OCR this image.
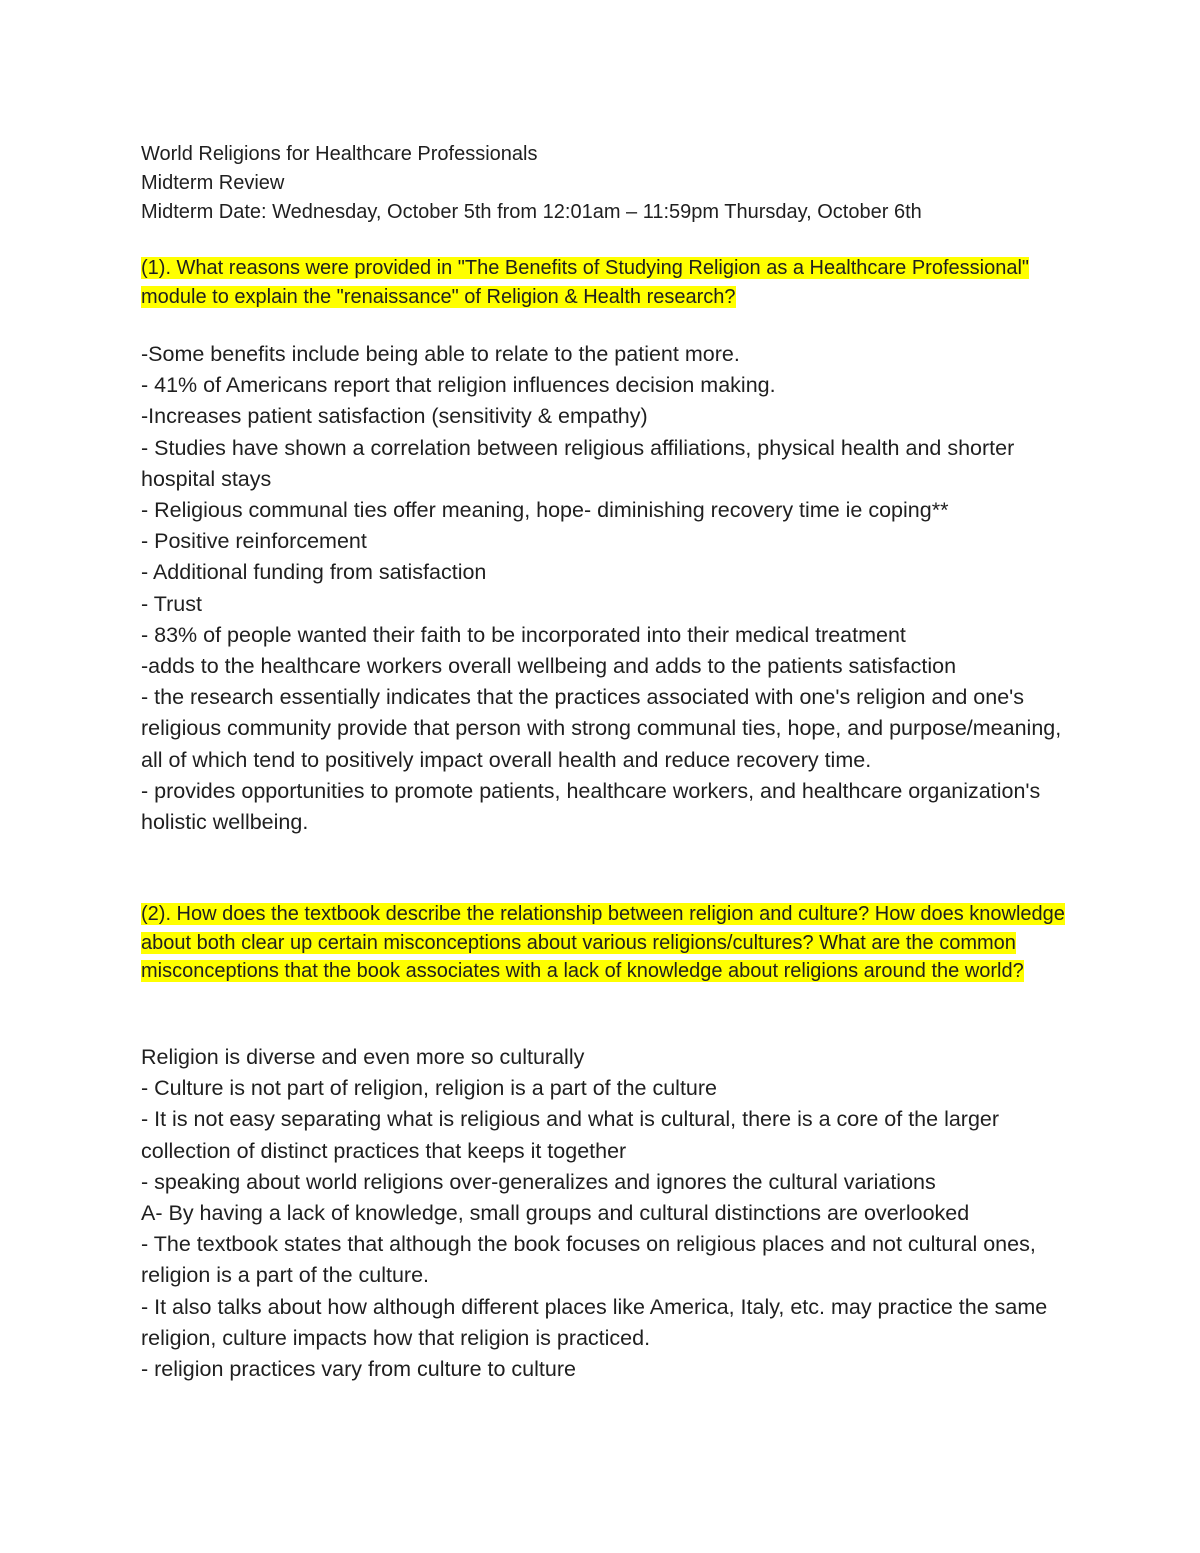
World Religions for Healthcare Professionals
Midterm Review
Midterm Date: Wednesday, October 5th from 12:01am – 11:59pm Thursday, October 6th
(1). What reasons were provided in "The Benefits of Studying Religion as a Healthcare Professional" module to explain the "renaissance" of Religion & Health research?
-Some benefits include being able to relate to the patient more.
- 41% of Americans report that religion influences decision making.
-Increases patient satisfaction (sensitivity & empathy)
- Studies have shown a correlation between religious affiliations, physical health and shorter hospital stays
- Religious communal ties offer meaning, hope- diminishing recovery time ie coping**
- Positive reinforcement
- Additional funding from satisfaction
- Trust
- 83% of people wanted their faith to be incorporated into their medical treatment
-adds to the healthcare workers overall wellbeing and adds to the patients satisfaction
- the research essentially indicates that the practices associated with one's religion and one's religious community provide that person with strong communal ties, hope, and purpose/meaning, all of which tend to positively impact overall health and reduce recovery time.
- provides opportunities to promote patients, healthcare workers, and healthcare organization's holistic wellbeing.
(2). How does the textbook describe the relationship between religion and culture? How does knowledge about both clear up certain misconceptions about various religions/cultures? What are the common misconceptions that the book associates with a lack of knowledge about religions around the world?
Religion is diverse and even more so culturally
- Culture is not part of religion, religion is a part of the culture
- It is not easy separating what is religious and what is cultural, there is a core of the larger collection of distinct practices that keeps it together
- speaking about world religions over-generalizes and ignores the cultural variations
A- By having a lack of knowledge, small groups and cultural distinctions are overlooked
- The textbook states that although the book focuses on religious places and not cultural ones, religion is a part of the culture.
- It also talks about how although different places like America, Italy, etc. may practice the same religion, culture impacts how that religion is practiced.
- religion practices vary from culture to culture
